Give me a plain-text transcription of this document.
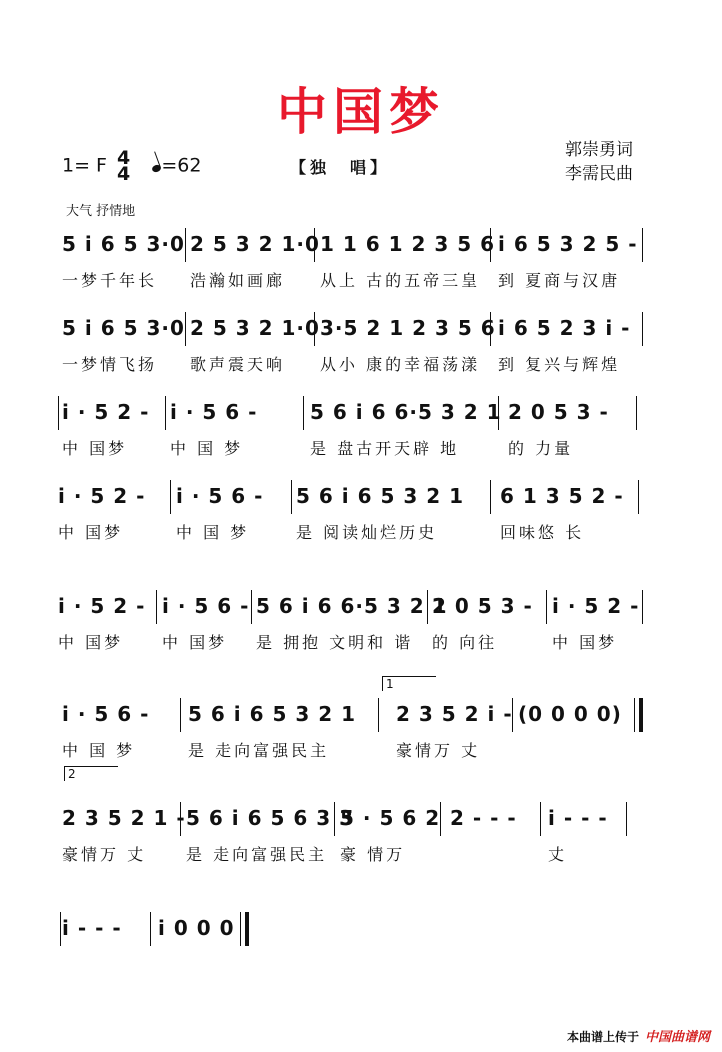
中国梦
1= F 4
4 =62	【独　唱】
郭崇勇词
李需民曲
大气 抒情地
5 i 6 5 3·0
一梦千年长
2 5 3 2 1·0
浩瀚如画廊
1 1 6 1 2 3 5 6
从上 古的五帝三皇
i 6 5 3 2 5 -
到 夏商与汉唐
5 i 6 5 3·0
一梦情飞扬
2 5 3 2 1·0
歌声震天响
3·5 2 1 2 3 5 6
从小 康的幸福荡漾
i 6 5 2 3 i -
到 复兴与辉煌
i · 5 2 -
中 国梦
i · 5 6 -
中 国 梦
5 6 i 6 6·5 3 2 1
是 盘古开天辟 地
2 0 5 3 -
的 力量
i · 5 2 -
中 国梦
i · 5 6 -
中 国 梦
5 6 i 6 5 3 2 1
是 阅读灿烂历史
6 1 3 5 2 -
回味悠 长
i · 5 2 -
中 国梦
i · 5 6 -
中 国梦
5 6 i 6 6·5 3 2 1
是 拥抱 文明和 谐
2 0 5 3 -
的 向往
i · 5 2 -
中 国梦
i · 5 6 -
中 国 梦
5 6 i 6 5 3 2 1
是 走向富强民主
2 3 5 2 i -
豪情万 丈
(0 0 0 0)
1
2 3 5 2 1 -
豪情万 丈
5 6 i 6 5 6 3 3
是 走向富强民主
5 · 5 6 2
豪 情万
2 - - - i - - -
丈
2
i - - - i 0 0 0
本曲谱上传于 中国曲谱网
